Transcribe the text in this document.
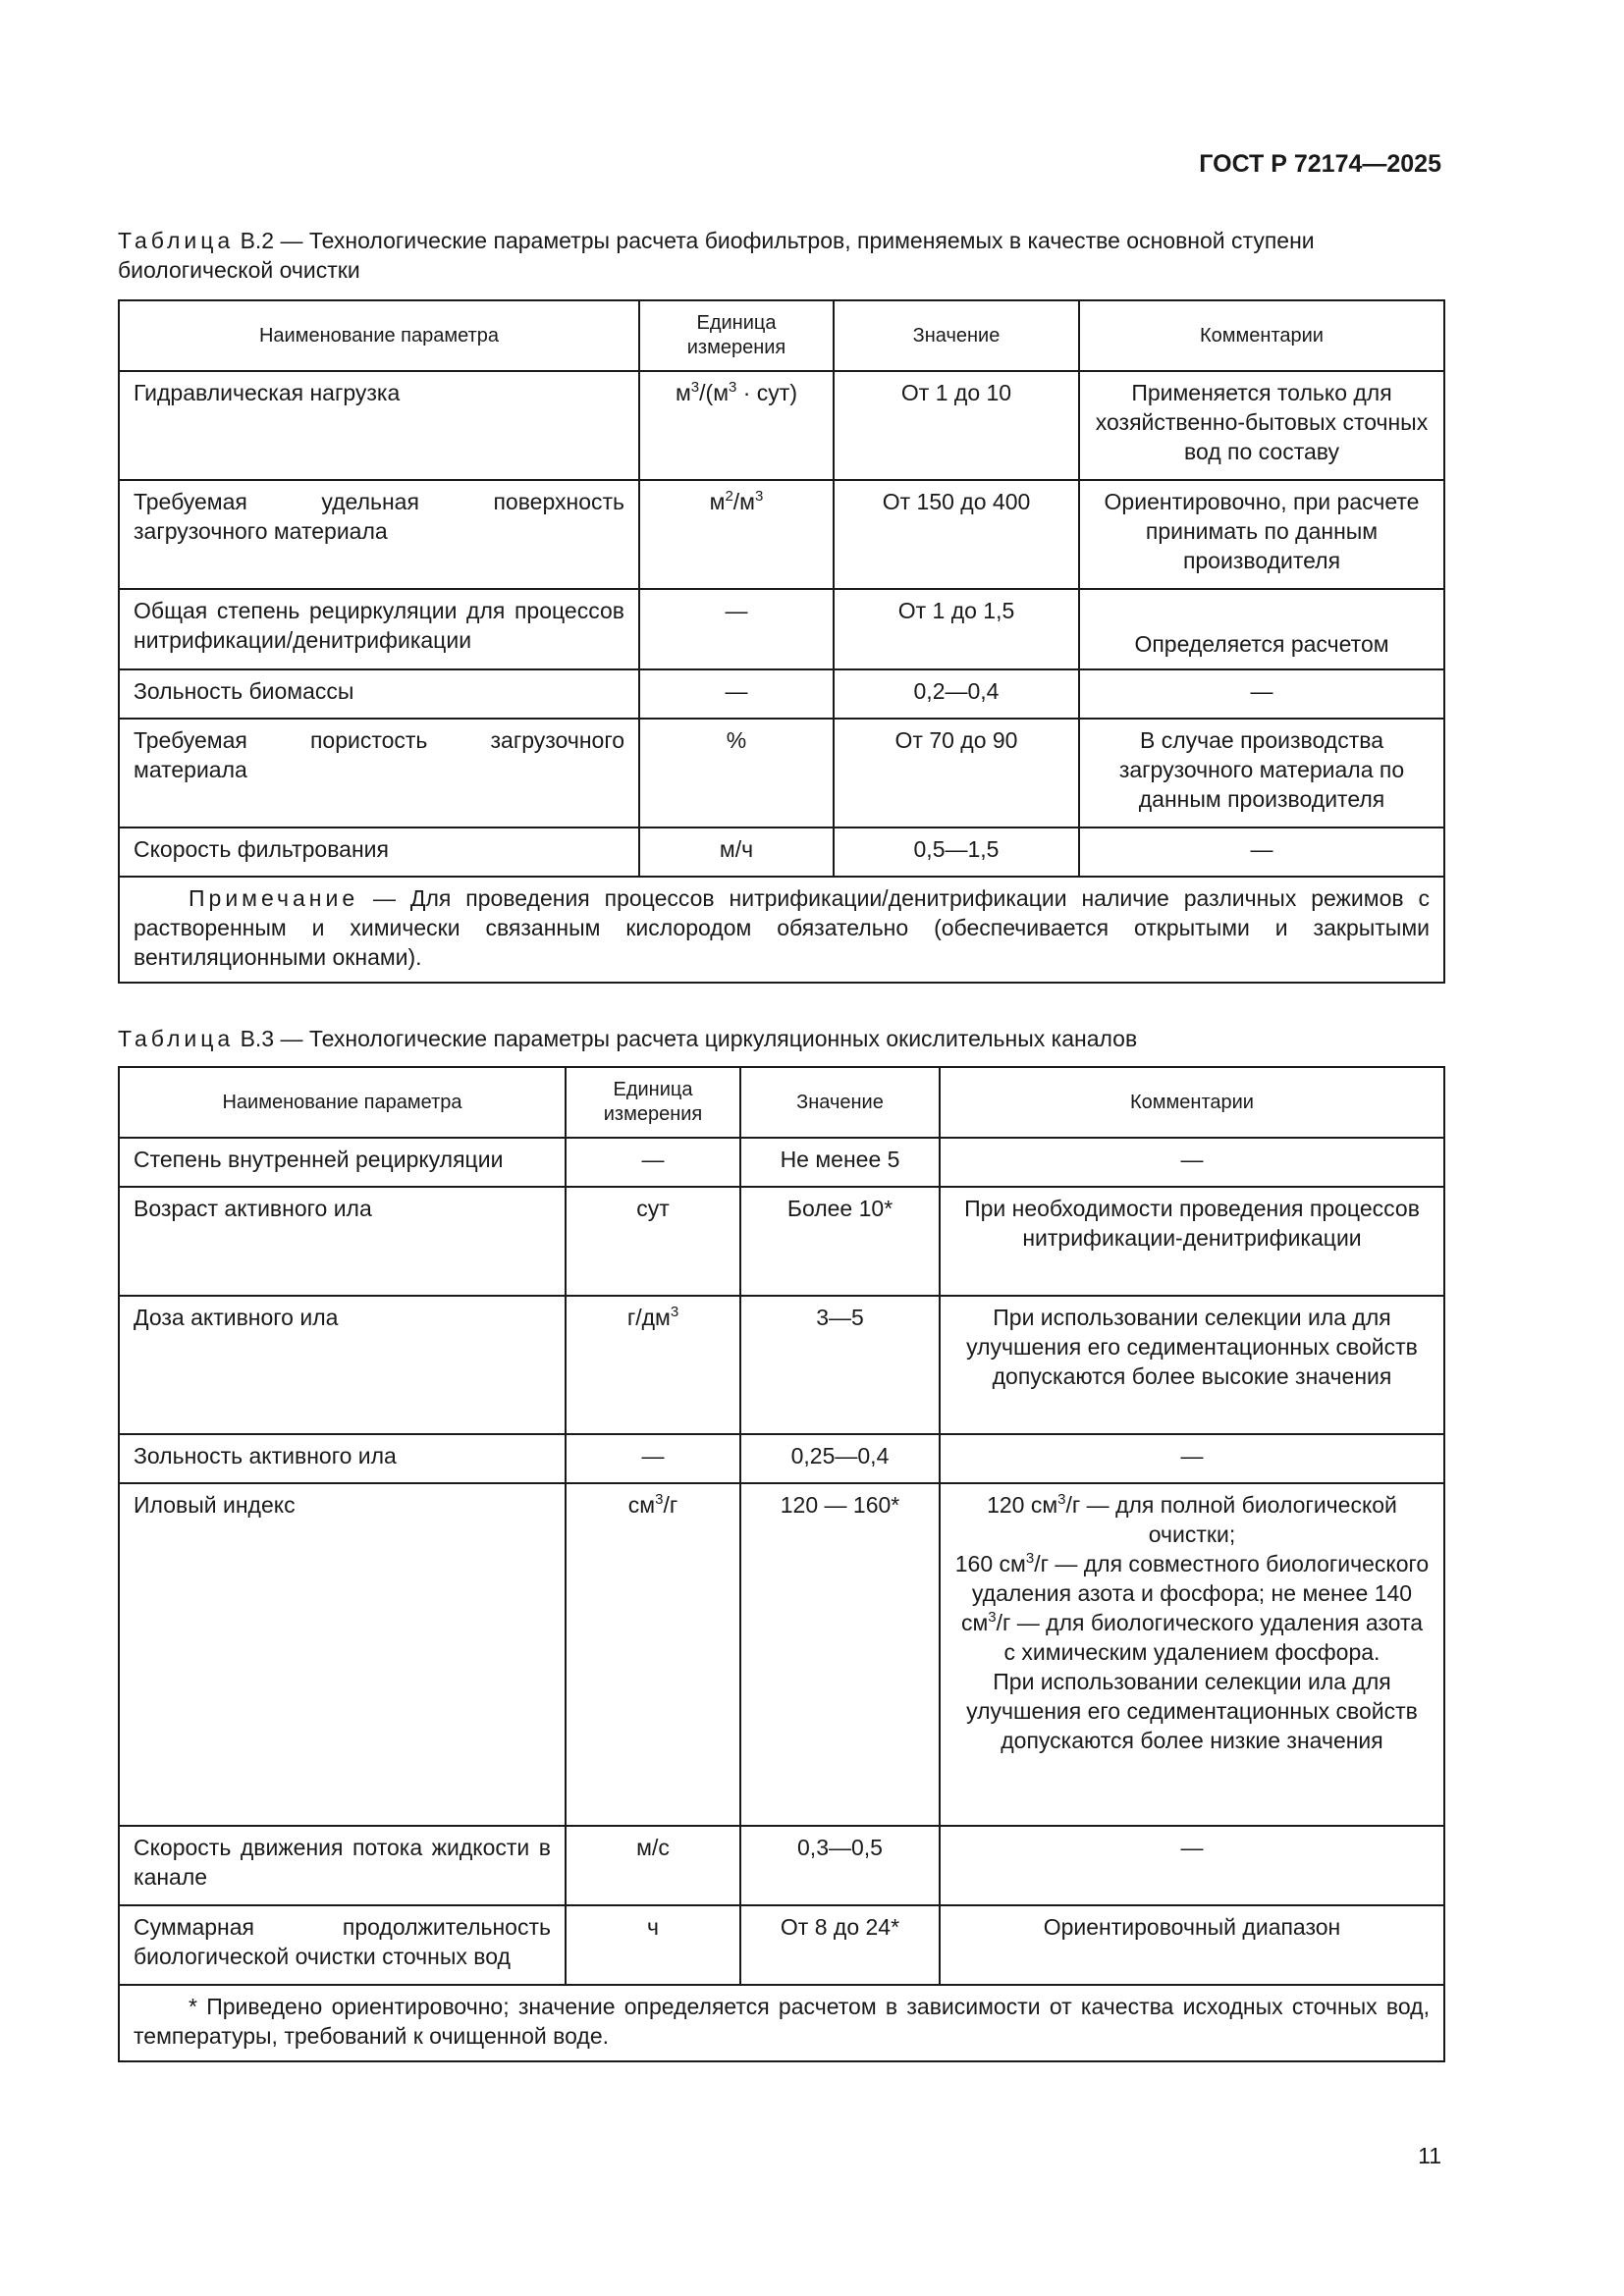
ГОСТ Р 72174—2025
Таблица В.2 — Технологические параметры расчета биофильтров, применяемых в качестве основной ступени биологической очистки
Наименование параметра	Единица измерения	Значение	Комментарии
Гидравлическая нагрузка	$м^3/(м^3 \cdot сут)$	От 1 до 10	Применяется только для хозяйственно-бытовых сточных вод по составу
Требуемая удельная поверхность загрузочного материала	$м^2/м^3$	От 150 до 400	Ориентировочно, при расчете принимать по данным производителя
Общая степень рециркуляции для процессов нитрификации/денитрификации	—	От 1 до 1,5	Определяется расчетом
Зольность биомассы	—	0,2—0,4	—
Требуемая пористость загрузочного материала	%	От 70 до 90	В случае производства загрузочного материала по данным производителя
Скорость фильтрования	м/ч	0,5—1,5	—
Примечание — Для проведения процессов нитрификации/денитрификации наличие различных режимов с растворенным и химически связанным кислородом обязательно (обеспечивается открытыми и закрытыми вентиляционными окнами).			
Таблица В.3 — Технологические параметры расчета циркуляционных окислительных каналов
Наименование параметра	Единица измерения	Значение	Комментарии
Степень внутренней рециркуляции	—	Не менее 5	—
Возраст активного ила	сут	Более 10*	При необходимости проведения процессов нитрификации-денитрификации
Доза активного ила	$г/дм^3$	3—5	При использовании селекции ила для улучшения его седиментационных свойств допускаются более высокие значения
Зольность активного ила	—	0,25—0,4	—
Иловый индекс	$см^3/г$	120 — 160*	120 $см^3/г$ — для полной биологической очистки;
160 $см^3/г$ — для совместного биологического удаления азота и фосфора; не менее 140 $см^3/г$ — для биологического удаления азота с химическим удалением фосфора.
При использовании селекции ила для улучшения его седиментационных свойств допускаются более низкие значения
Скорость движения потока жидкости в канале	м/с	0,3—0,5	—
Суммарная продолжительность биологической очистки сточных вод	ч	От 8 до 24*	Ориентировочный диапазон
* Приведено ориентировочно; значение определяется расчетом в зависимости от качества исходных сточных вод, температуры, требований к очищенной воде.			
11
